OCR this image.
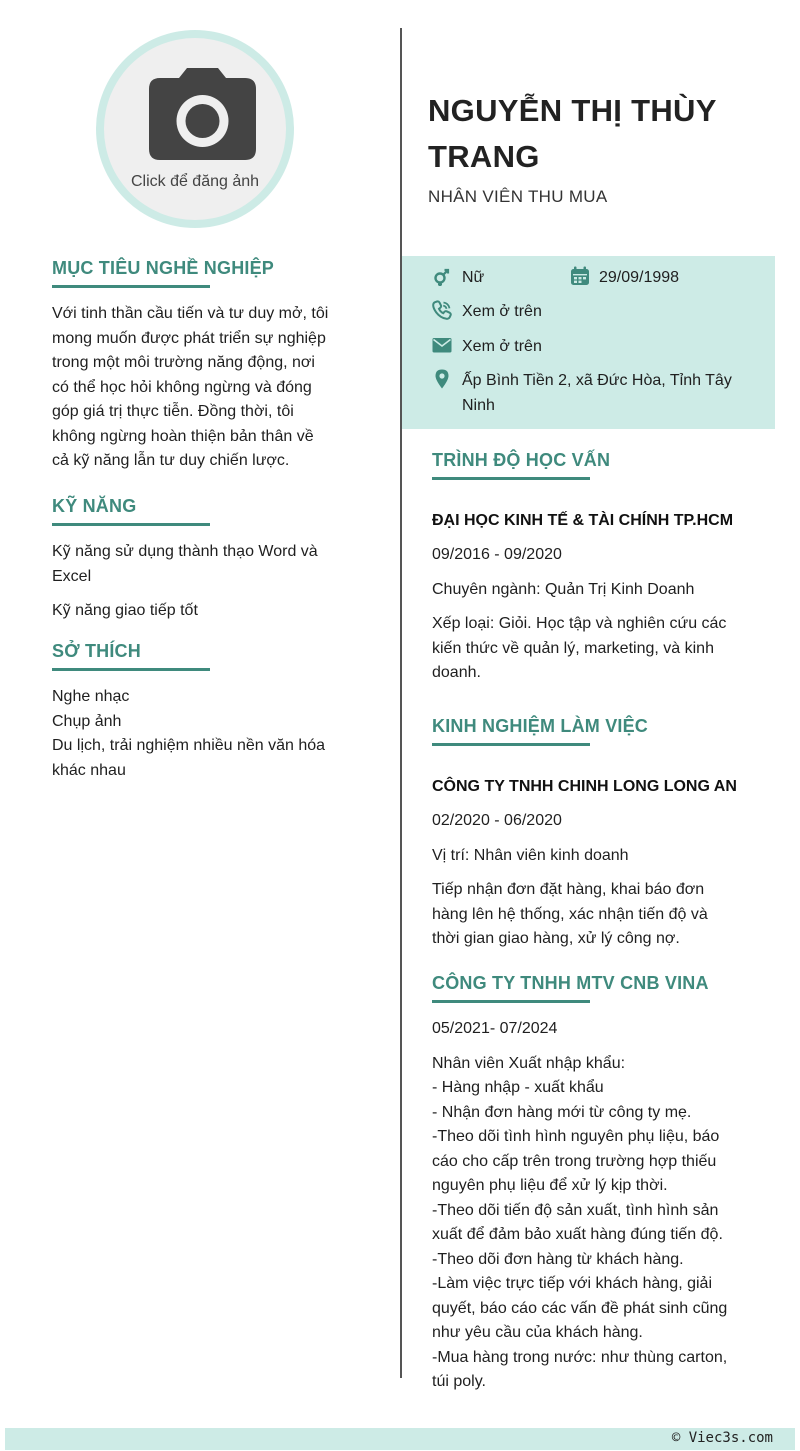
Click để đăng ảnh
MỤC TIÊU NGHỀ NGHIỆP
Với tinh thần cầu tiến và tư duy mở, tôi
mong muốn được phát triển sự nghiệp
trong một môi trường năng động, nơi
có thể học hỏi không ngừng và đóng
góp giá trị thực tiễn. Đồng thời, tôi
không ngừng hoàn thiện bản thân về
cả kỹ năng lẫn tư duy chiến lược.
KỸ NĂNG
Kỹ năng sử dụng thành thạo Word và
Excel
Kỹ năng giao tiếp tốt
SỞ THÍCH
Nghe nhạc
Chụp ảnh
Du lịch, trải nghiệm nhiều nền văn hóa
khác nhau
NGUYỄN THỊ THÙY
TRANG
NHÂN VIÊN THU MUA
Nữ	29/09/1998
Xem ở trên
Xem ở trên
Ấp Bình Tiền 2, xã Đức Hòa, Tỉnh Tây
Ninh
TRÌNH ĐỘ HỌC VẤN
ĐẠI HỌC KINH TẾ & TÀI CHÍNH TP.HCM
09/2016 - 09/2020
Chuyên ngành: Quản Trị Kinh Doanh
Xếp loại: Giỏi. Học tập và nghiên cứu các
kiến thức về quản lý, marketing, và kinh
doanh.
KINH NGHIỆM LÀM VIỆC
CÔNG TY TNHH CHINH LONG LONG AN
02/2020 - 06/2020
Vị trí: Nhân viên kinh doanh
Tiếp nhận đơn đặt hàng, khai báo đơn
hàng lên hệ thống, xác nhận tiến độ và
thời gian giao hàng, xử lý công nợ.
CÔNG TY TNHH MTV CNB VINA
05/2021- 07/2024
Nhân viên Xuất nhập khẩu:
- Hàng nhập - xuất khẩu
- Nhận đơn hàng mới từ công ty mẹ.
-Theo dõi tình hình nguyên phụ liệu, báo
cáo cho cấp trên trong trường hợp thiếu
nguyên phụ liệu để xử lý kịp thời.
-Theo dõi tiến độ sản xuất, tình hình sản
xuất để đảm bảo xuất hàng đúng tiến độ.
-Theo dõi đơn hàng từ khách hàng.
-Làm việc trực tiếp với khách hàng, giải
quyết, báo cáo các vấn đề phát sinh cũng
như yêu cầu của khách hàng.
-Mua hàng trong nước: như thùng carton,
túi poly.
© Viec3s.com
